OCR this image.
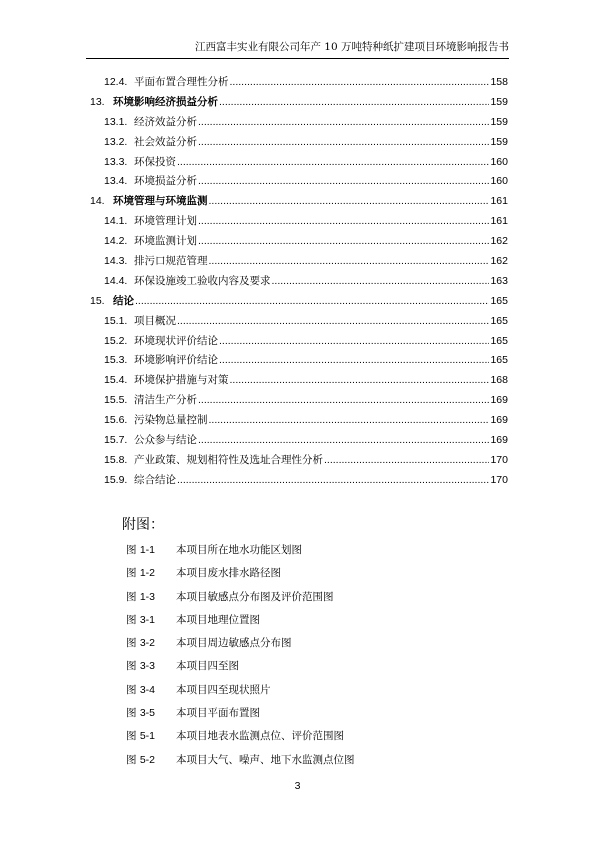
江西富丰实业有限公司年产 10 万吨特种纸扩建项目环境影响报告书
12.4. 平面布置合理性分析 .....	158
13. 环境影响经济损益分析 .....	159
13.1. 经济效益分析 .....	159
13.2. 社会效益分析 .....	159
13.3. 环保投资 .....	160
13.4. 环境损益分析 .....	160
14. 环境管理与环境监测 .....	161
14.1. 环境管理计划 .....	161
14.2. 环境监测计划 .....	162
14.3. 排污口规范管理 .....	162
14.4. 环保设施竣工验收内容及要求 .....	163
15. 结论 .....	165
15.1. 项目概况 .....	165
15.2. 环境现状评价结论 .....	165
15.3. 环境影响评价结论 .....	165
15.4. 环境保护措施与对策 .....	168
15.5. 清洁生产分析 .....	169
15.6. 污染物总量控制 .....	169
15.7. 公众参与结论 .....	169
15.8. 产业政策、规划相符性及选址合理性分析 .....	170
15.9. 综合结论 .....	170
附图：
图 1-1	本项目所在地水功能区划图
图 1-2	本项目废水排水路径图
图 1-3	本项目敏感点分布图及评价范围图
图 3-1	本项目地理位置图
图 3-2	本项目周边敏感点分布图
图 3-3	本项目四至图
图 3-4	本项目四至现状照片
图 3-5	本项目平面布置图
图 5-1	本项目地表水监测点位、评价范围图
图 5-2	本项目大气、噪声、地下水监测点位图
3
